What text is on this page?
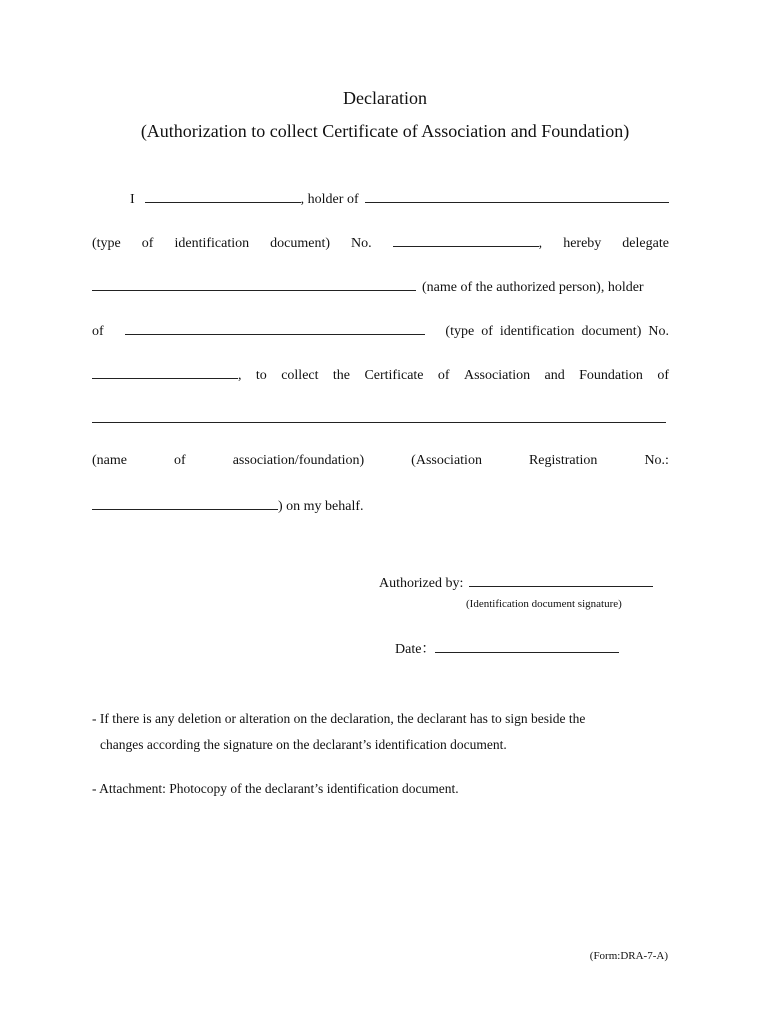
Declaration
(Authorization to collect Certificate of Association and Foundation)
I	, holder of
(type of identification document) No.	, hereby delegate
(name of the authorized person), holder
of	(type  of  identification  document)  No.
, to collect the Certificate of Association and Foundation of
(name	of	association/foundation)	(Association	Registration	No.:
) on my behalf.
Authorized by:
(Identification document signature)
Date：
- If there is any deletion or alteration on the declaration, the declarant has to sign beside the
changes according the signature on the declarant’s identification document.
- Attachment: Photocopy of the declarant’s identification document.
(Form:DRA-7-A)
